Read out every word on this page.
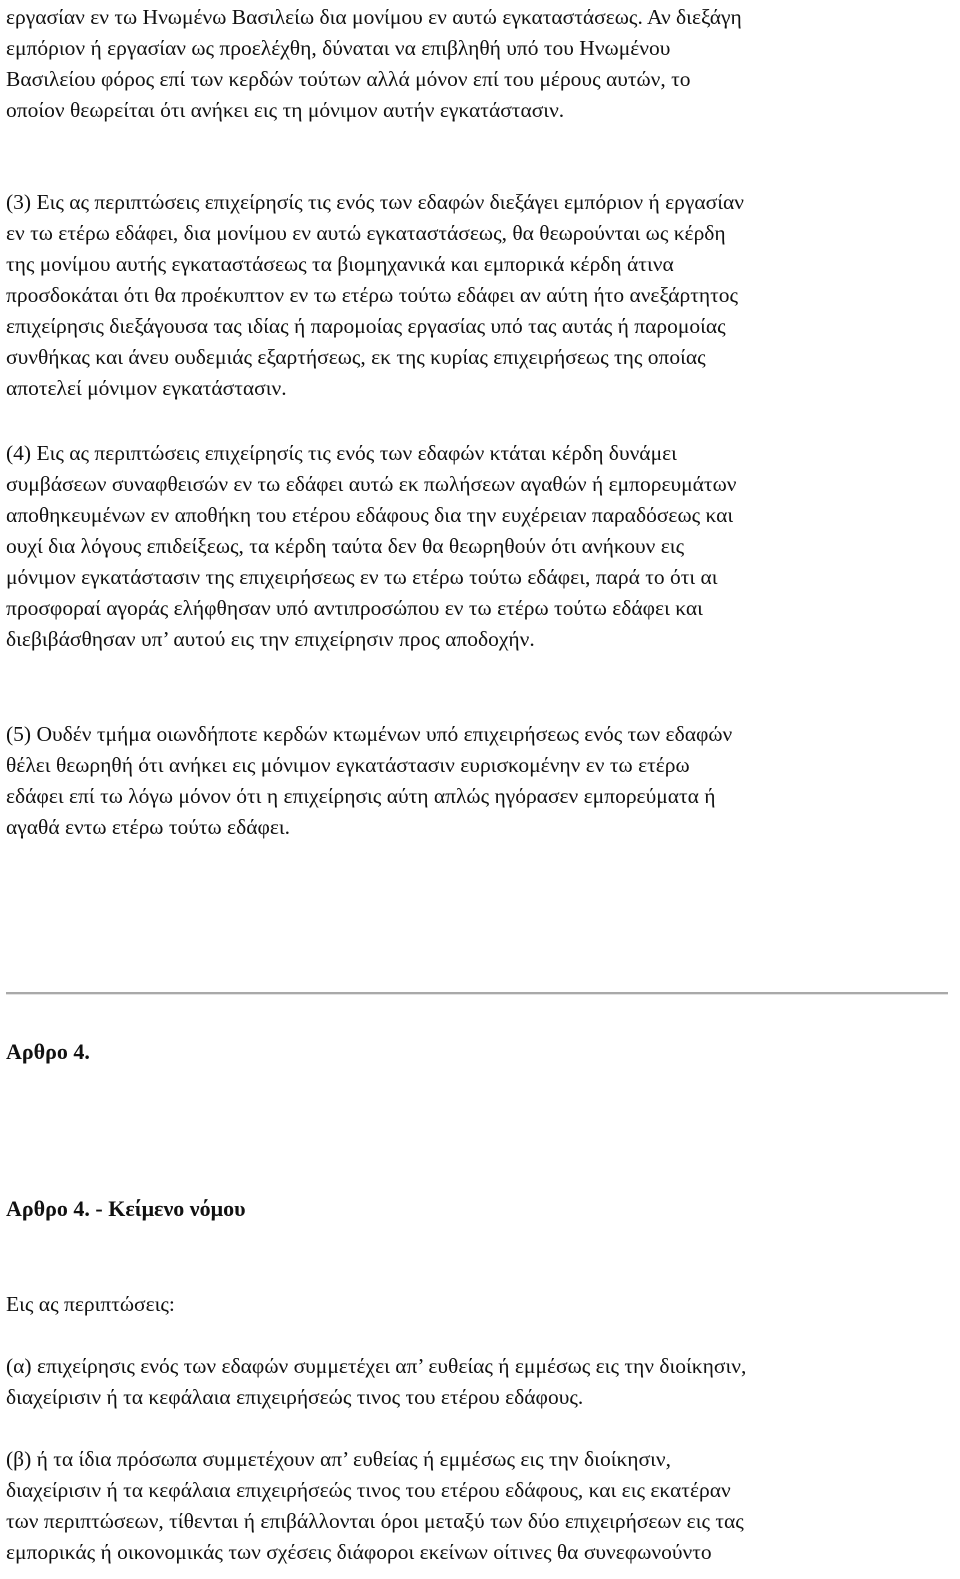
εργασίαν εν τω Ηνωμένω Βασιλείω δια μονίμου εν αυτώ εγκαταστάσεως. Αν διεξάγη
εμπόριον ή εργασίαν ως προελέχθη, δύναται να επιβληθή υπό του Ηνωμένου
Βασιλείου φόρος επί των κερδών τούτων αλλά μόνον επί του μέρους αυτών, το
οποίον θεωρείται ότι ανήκει εις τη μόνιμον αυτήν εγκατάστασιν.

(3) Εις ας περιπτώσεις επιχείρησίς τις ενός των εδαφών διεξάγει εμπόριον ή εργασίαν
εν τω ετέρω εδάφει, δια μονίμου εν αυτώ εγκαταστάσεως, θα θεωρούνται ως κέρδη
της μονίμου αυτής εγκαταστάσεως τα βιομηχανικά και εμπορικά κέρδη άτινα
προσδοκάται ότι θα προέκυπτον εν τω ετέρω τούτω εδάφει αν αύτη ήτο ανεξάρτητος
επιχείρησις διεξάγουσα τας ιδίας ή παρομοίας εργασίας υπό τας αυτάς ή παρομοίας
συνθήκας και άνευ ουδεμιάς εξαρτήσεως, εκ της κυρίας επιχειρήσεως της οποίας
αποτελεί μόνιμον εγκατάστασιν.

(4) Εις ας περιπτώσεις επιχείρησίς τις ενός των εδαφών κτάται κέρδη δυνάμει
συμβάσεων συναφθεισών εν τω εδάφει αυτώ εκ πωλήσεων αγαθών ή εμπορευμάτων
αποθηκευμένων εν αποθήκη του ετέρου εδάφους δια την ευχέρειαν παραδόσεως και
ουχί δια λόγους επιδείξεως, τα κέρδη ταύτα δεν θα θεωρηθούν ότι ανήκουν εις
μόνιμον εγκατάστασιν της επιχειρήσεως εν τω ετέρω τούτω εδάφει, παρά το ότι αι
προσφοραί αγοράς ελήφθησαν υπό αντιπροσώπου εν τω ετέρω τούτω εδάφει και
διεβιβάσθησαν υπ’ αυτού εις την επιχείρησιν προς αποδοχήν.

(5) Ουδέν τμήμα οιωνδήποτε κερδών κτωμένων υπό επιχειρήσεως ενός των εδαφών
θέλει θεωρηθή ότι ανήκει εις μόνιμον εγκατάστασιν ευρισκομένην εν τω ετέρω
εδάφει επί τω λόγω μόνον ότι η επιχείρησις αύτη απλώς ηγόρασεν εμπορεύματα ή
αγαθά εντω ετέρω τούτω εδάφει.

Αρθρο 4.
Αρθρο 4. - Κείμενο νόμου

Εις ας περιπτώσεις:

(α) επιχείρησις ενός των εδαφών συμμετέχει απ’ ευθείας ή εμμέσως εις την διοίκησιν,
διαχείρισιν ή τα κεφάλαια επιχειρήσεώς τινος του ετέρου εδάφους.

(β) ή τα ίδια πρόσωπα συμμετέχουν απ’ ευθείας ή εμμέσως εις την διοίκησιν,
διαχείρισιν ή τα κεφάλαια επιχειρήσεώς τινος του ετέρου εδάφους, και εις εκατέραν
των περιπτώσεων, τίθενται ή επιβάλλονται όροι μεταξύ των δύο επιχειρήσεων εις τας
εμπορικάς ή οικονομικάς των σχέσεις διάφοροι εκείνων οίτινες θα συνεφωνούντο
